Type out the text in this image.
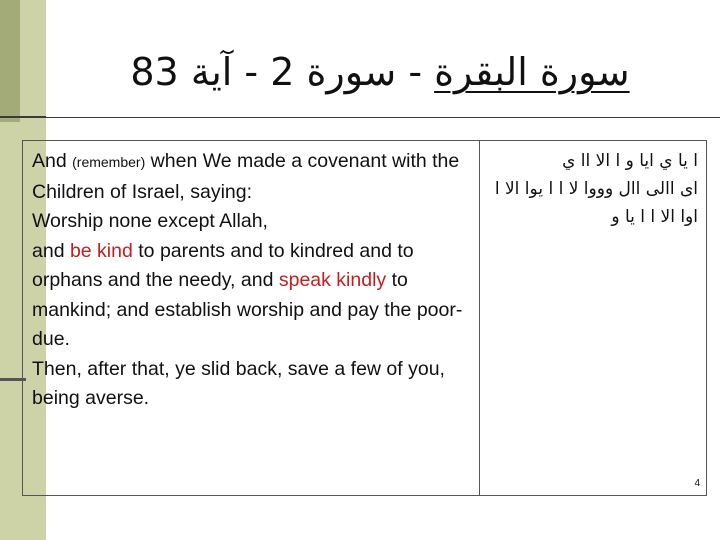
سورة البقرة - سورة 2 - آية 83

And (remember) when We made a covenant with the Children of Israel, saying:

Worship none except Allah,

and be kind to parents and to kindred and to orphans and the needy, and speak kindly to mankind; and establish worship and pay the poor-due.

Then, after that, ye slid back, save a few of you, being averse.

ا يا ي ايا و ا الا اا ي

اى االى اال وووا لا ا ا يوا الا ا

اوا الا ا ا يا و

4
